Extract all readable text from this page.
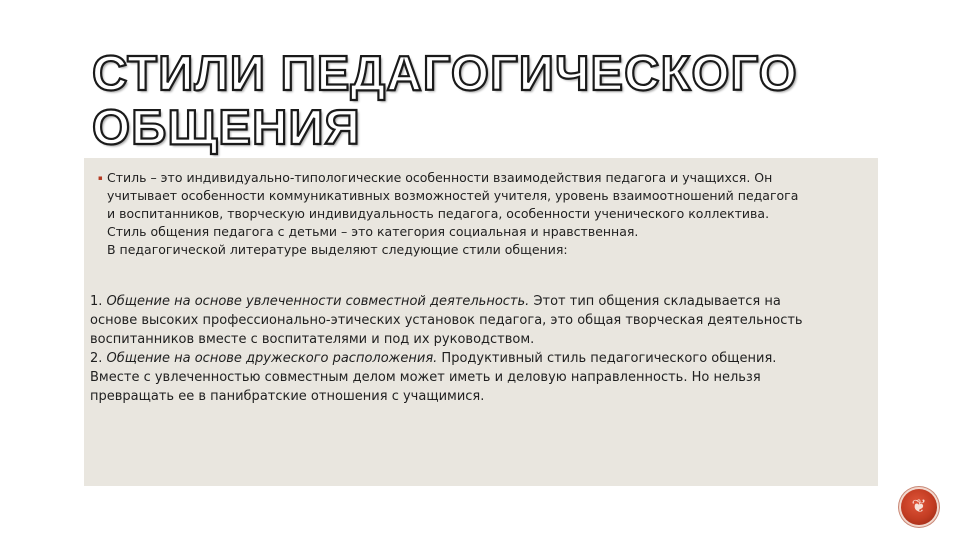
СТИЛИ ПЕДАГОГИЧЕСКОГО ОБЩЕНИЯ
▪ Стиль – это индивидуально-типологические особенности взаимодействия педагога и учащихся. Он
учитывает особенности коммуникативных возможностей учителя, уровень взаимоотношений педагога
и воспитанников, творческую индивидуальность педагога, особенности ученического коллектива.
Стиль общения педагога с детьми – это категория социальная и нравственная.
В педагогической литературе выделяют следующие стили общения:
1. Общение на основе увлеченности совместной деятельность. Этот тип общения складывается на
основе высоких профессионально-этических установок педагога, это общая творческая деятельность
воспитанников вместе с воспитателями и под их руководством.
2. Общение на основе дружеского расположения. Продуктивный стиль педагогического общения.
Вместе с увлеченностью совместным делом может иметь и деловую направленность. Но нельзя
превращать ее в панибратские отношения с учащимися.
❦
